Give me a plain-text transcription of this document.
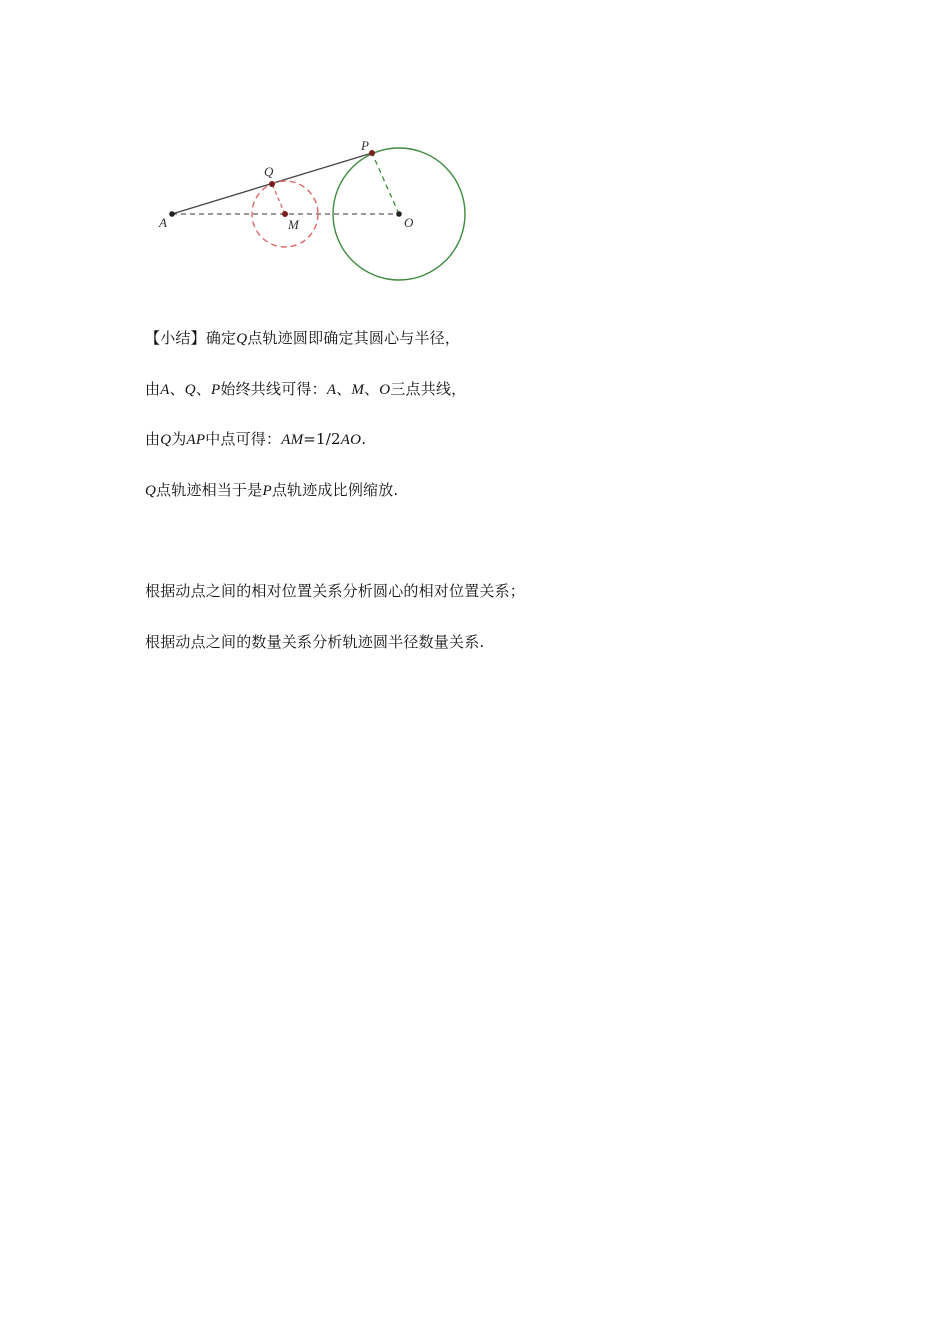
A
Q
P
M	O
【小结】确定Q点轨迹圆即确定其圆心与半径，
由A、Q、P始终共线可得：A、M、O三点共线，
由Q为AP中点可得：AM=1/2AO.
Q点轨迹相当于是P点轨迹成比例缩放.
根据动点之间的相对位置关系分析圆心的相对位置关系；
根据动点之间的数量关系分析轨迹圆半径数量关系.
